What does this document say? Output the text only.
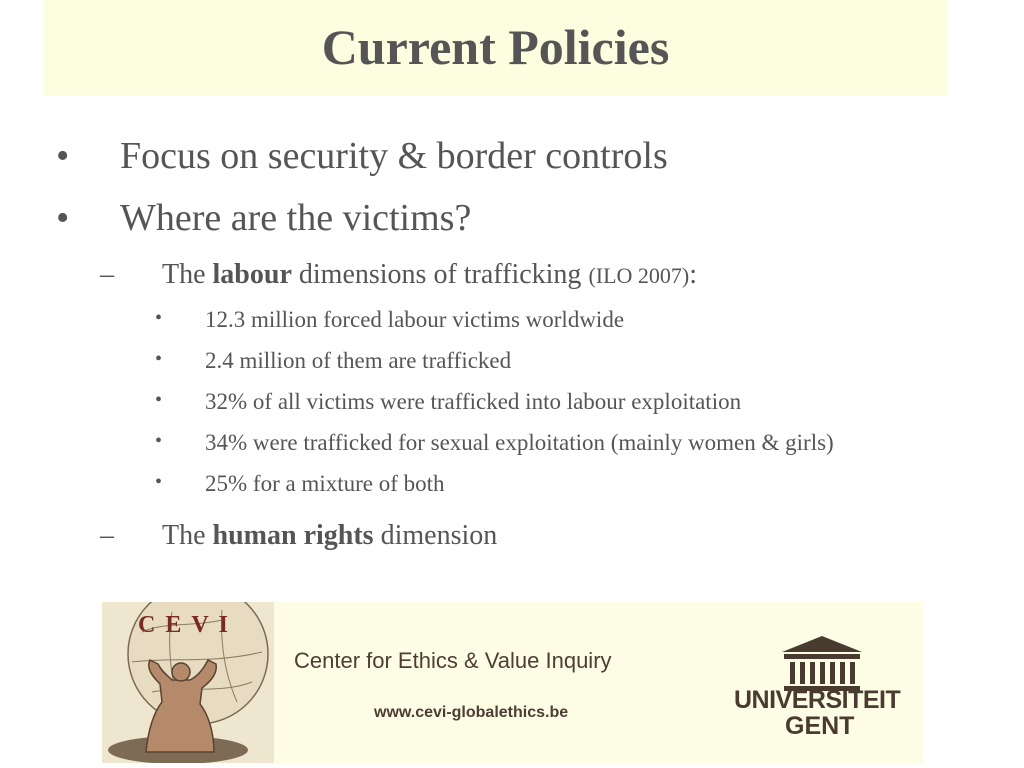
Current Policies
• Focus on security & border controls
• Where are the victims?
– The labour dimensions of trafficking (ILO 2007):
• 12.3 million forced labour victims worldwide
• 2.4 million of them are trafficked
• 32% of all victims were trafficked into labour exploitation
• 34% were trafficked for sexual exploitation (mainly women & girls)
• 25% for a mixture of both
– The human rights dimension
CEVI
Center for Ethics & Value Inquiry
www.cevi-globalethics.be	UNIVERSITEIT
GENT
